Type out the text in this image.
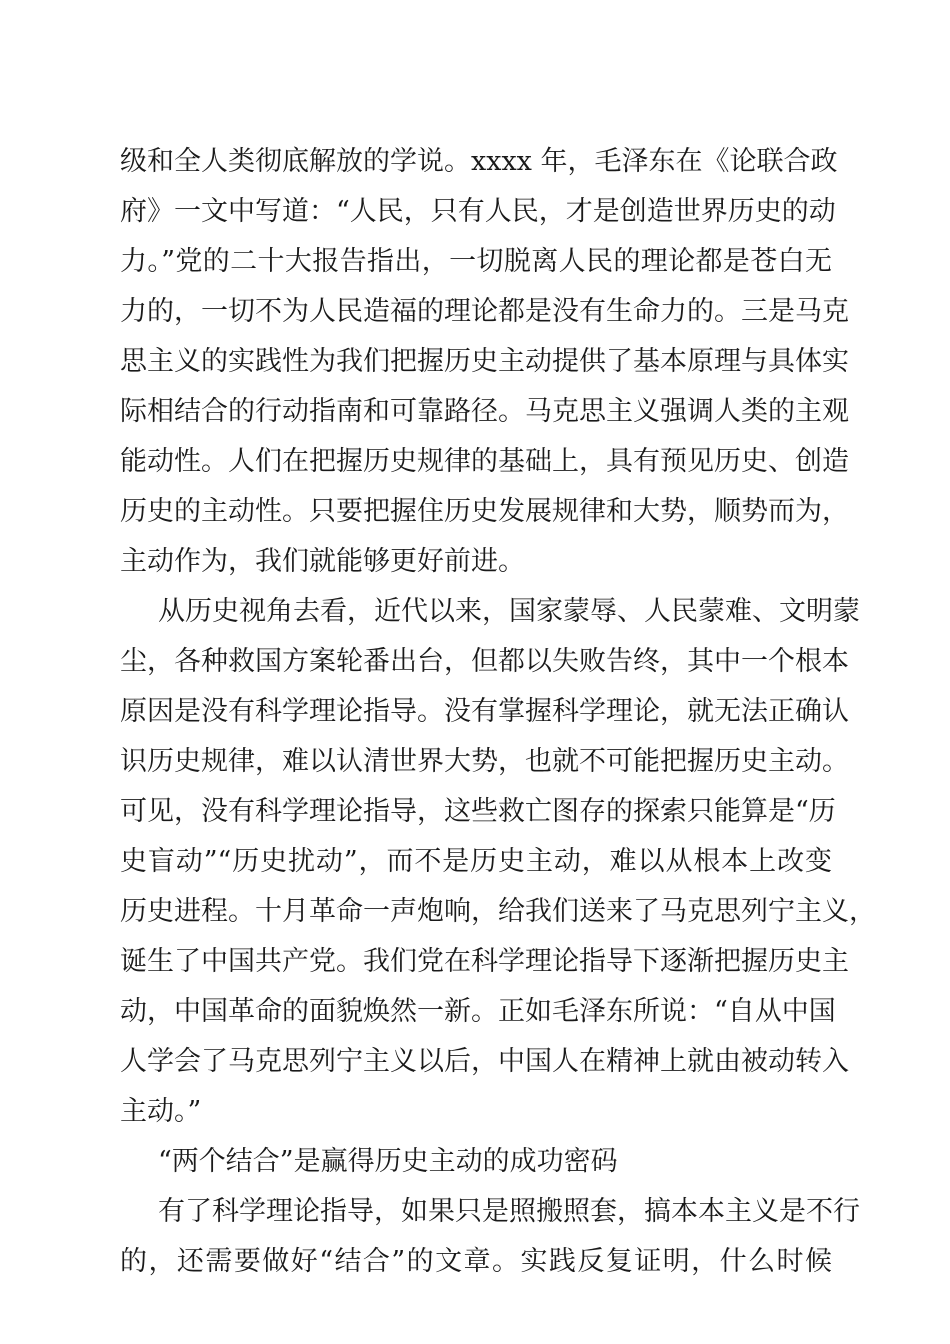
级和全人类彻底解放的学说。xxxx 年，毛泽东在《论联合政
府》一文中写道：“人民，只有人民，才是创造世界历史的动
力。”党的二十大报告指出，一切脱离人民的理论都是苍白无
力的，一切不为人民造福的理论都是没有生命力的。三是马克
思主义的实践性为我们把握历史主动提供了基本原理与具体实
际相结合的行动指南和可靠路径。马克思主义强调人类的主观
能动性。人们在把握历史规律的基础上，具有预见历史、创造
历史的主动性。只要把握住历史发展规律和大势，顺势而为，
主动作为，我们就能够更好前进。
从历史视角去看，近代以来，国家蒙辱、人民蒙难、文明蒙
尘，各种救国方案轮番出台，但都以失败告终，其中一个根本
原因是没有科学理论指导。没有掌握科学理论，就无法正确认
识历史规律，难以认清世界大势，也就不可能把握历史主动。
可见，没有科学理论指导，这些救亡图存的探索只能算是“历
史盲动”“历史扰动”，而不是历史主动，难以从根本上改变
历史进程。十月革命一声炮响，给我们送来了马克思列宁主义，
诞生了中国共产党。我们党在科学理论指导下逐渐把握历史主
动，中国革命的面貌焕然一新。正如毛泽东所说：“自从中国
人学会了马克思列宁主义以后，中国人在精神上就由被动转入
主动。”
“两个结合”是赢得历史主动的成功密码
有了科学理论指导，如果只是照搬照套，搞本本主义是不行
的，还需要做好“结合”的文章。实践反复证明，什么时候
